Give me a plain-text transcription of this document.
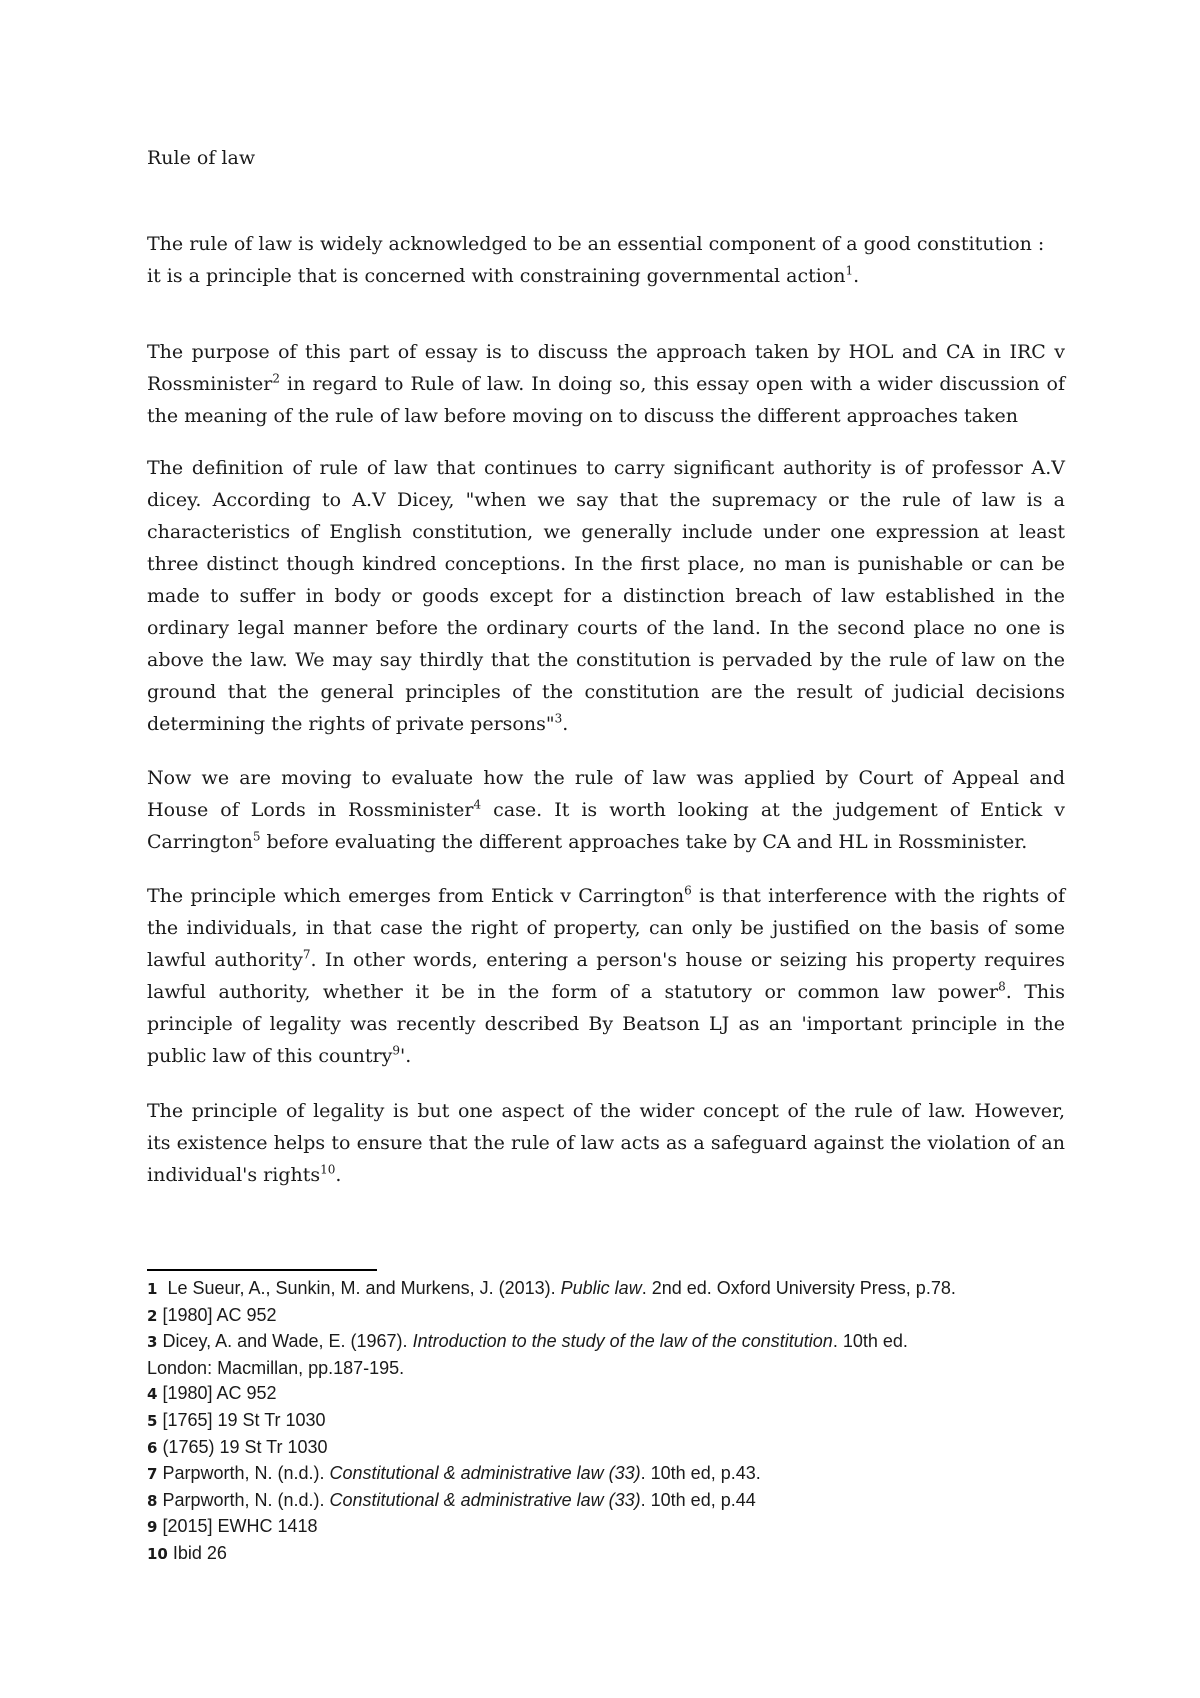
Rule of law
The rule of law is widely acknowledged to be an essential component of a good constitution :
it is a principle that is concerned with constraining governmental action$^1$.
The purpose of this part of essay is to discuss the approach taken by HOL and CA in IRC v
Rossminister$^2$ in regard to Rule of law. In doing so, this essay open with a wider discussion of
the meaning of the rule of law before moving on to discuss the different approaches taken
The definition of rule of law that continues to carry significant authority is of professor A.V
dicey. According to A.V Dicey, "when we say that the supremacy or the rule of law is a
characteristics of English constitution, we generally include under one expression at least
three distinct though kindred conceptions. In the first place, no man is punishable or can be
made to suffer in body or goods except for a distinction breach of law established in the
ordinary legal manner before the ordinary courts of the land. In the second place no one is
above the law. We may say thirdly that the constitution is pervaded by the rule of law on the
ground that the general principles of the constitution are the result of judicial decisions
determining the rights of private persons"$^3$.
Now we are moving to evaluate how the rule of law was applied by Court of Appeal and
House of Lords in Rossminister$^4$ case. It is worth looking at the judgement of Entick v
Carrington$^5$ before evaluating the different approaches take by CA and HL in Rossminister.
The principle which emerges from Entick v Carrington$^6$ is that interference with the rights of
the individuals, in that case the right of property, can only be justified on the basis of some
lawful authority$^7$. In other words, entering a person's house or seizing his property requires
lawful authority, whether it be in the form of a statutory or common law power$^8$. This
principle of legality was recently described By Beatson LJ as an 'important principle in the
public law of this country$^9$'.
The principle of legality is but one aspect of the wider concept of the rule of law. However,
its existence helps to ensure that the rule of law acts as a safeguard against the violation of an
individual's rights$^{10}$.
1  Le Sueur, A., Sunkin, M. and Murkens, J. (2013). Public law. 2nd ed. Oxford University Press, p.78.
2 [1980] AC 952
3 Dicey, A. and Wade, E. (1967). Introduction to the study of the law of the constitution. 10th ed.
London: Macmillan, pp.187-195.
4 [1980] AC 952
5 [1765] 19 St Tr 1030
6 (1765) 19 St Tr 1030
7 Parpworth, N. (n.d.). Constitutional & administrative law (33). 10th ed, p.43.
8 Parpworth, N. (n.d.). Constitutional & administrative law (33). 10th ed, p.44
9 [2015] EWHC 1418
10 Ibid 26
